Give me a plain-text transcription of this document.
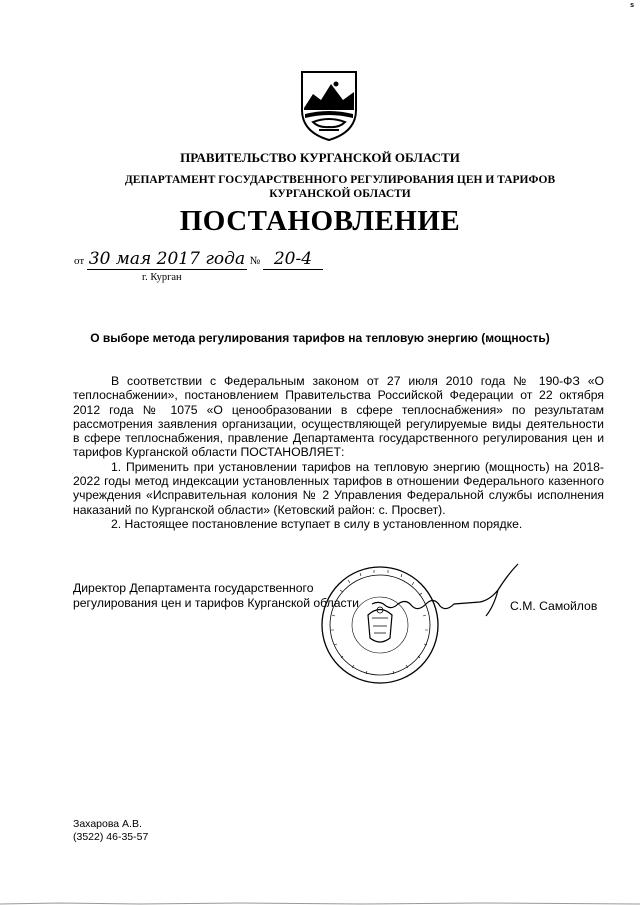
s
ПРАВИТЕЛЬСТВО КУРГАНСКОЙ ОБЛАСТИ
ДЕПАРТАМЕНТ ГОСУДАРСТВЕННОГО РЕГУЛИРОВАНИЯ ЦЕН И ТАРИФОВ КУРГАНСКОЙ ОБЛАСТИ
ПОСТАНОВЛЕНИЕ
от 30 мая 2017 года № 20-4
г. Курган
О выборе метода регулирования тарифов на тепловую энергию (мощность)

В соответствии с Федеральным законом от 27 июля 2010 года № 190-ФЗ «О теплоснабжении», постановлением Правительства Российской Федерации от 22 октября 2012 года № 1075 «О ценообразовании в сфере теплоснабжения» по результатам рассмотрения заявления организации, осуществляющей регулируемые виды деятельности в сфере теплоснабжения, правление Департамента государственного регулирования цен и тарифов Курганской области ПОСТАНОВЛЯЕТ:

1. Применить при установлении тарифов на тепловую энергию (мощность) на 2018-2022 годы метод индексации установленных тарифов в отношении Федерального казенного учреждения «Исправительная колония № 2 Управления Федеральной службы исполнения наказаний по Курганской области» (Кетовский район: с. Просвет).

2. Настоящее постановление вступает в силу в установленном порядке.

Директор Департамента государственного
регулирования цен и тарифов Курганской области	С.М. Самойлов
Захарова А.В.
(3522) 46-35-57
